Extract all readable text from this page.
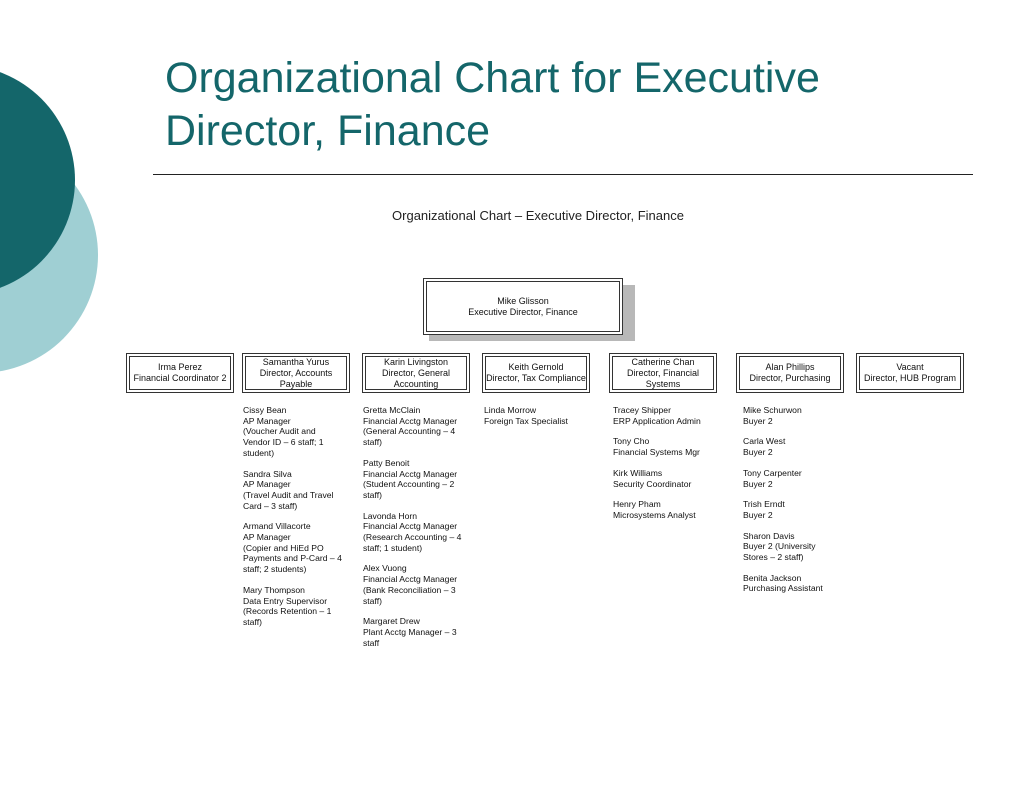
Organizational Chart for Executive Director, Finance
Organizational Chart – Executive Director, Finance
Mike Glisson
Executive Director, Finance
Irma Perez
Financial Coordinator 2
Samantha Yurus
Director, Accounts Payable
Karin Livingston
Director, General Accounting
Keith Gernold
Director, Tax Compliance
Catherine Chan
Director, Financial Systems
Alan Phillips
Director, Purchasing
Vacant
Director, HUB Program
Cissy Bean
AP Manager
(Voucher Audit and Vendor ID – 6 staff; 1 student)
Sandra Silva
AP Manager
(Travel Audit and Travel Card – 3 staff)
Armand Villacorte
AP Manager
(Copier and HiEd PO Payments and P-Card – 4 staff; 2 students)
Mary Thompson
Data Entry Supervisor
(Records Retention – 1 staff)
Gretta McClain
Financial Acctg Manager
(General Accounting – 4 staff)
Patty Benoit
Financial Acctg Manager
(Student Accounting – 2 staff)
Lavonda Horn
Financial Acctg Manager
(Research Accounting – 4 staff; 1 student)
Alex Vuong
Financial Acctg Manager
(Bank Reconciliation – 3 staff)
Margaret Drew
Plant Acctg Manager – 3 staff
Linda Morrow
Foreign Tax Specialist
Tracey Shipper
ERP Application Admin
Tony Cho
Financial Systems Mgr
Kirk Williams
Security Coordinator
Henry Pham
Microsystems Analyst
Mike Schurwon
Buyer 2
Carla West
Buyer 2
Tony Carpenter
Buyer 2
Trish Erndt
Buyer 2
Sharon Davis
Buyer 2 (University Stores – 2 staff)
Benita Jackson
Purchasing Assistant
